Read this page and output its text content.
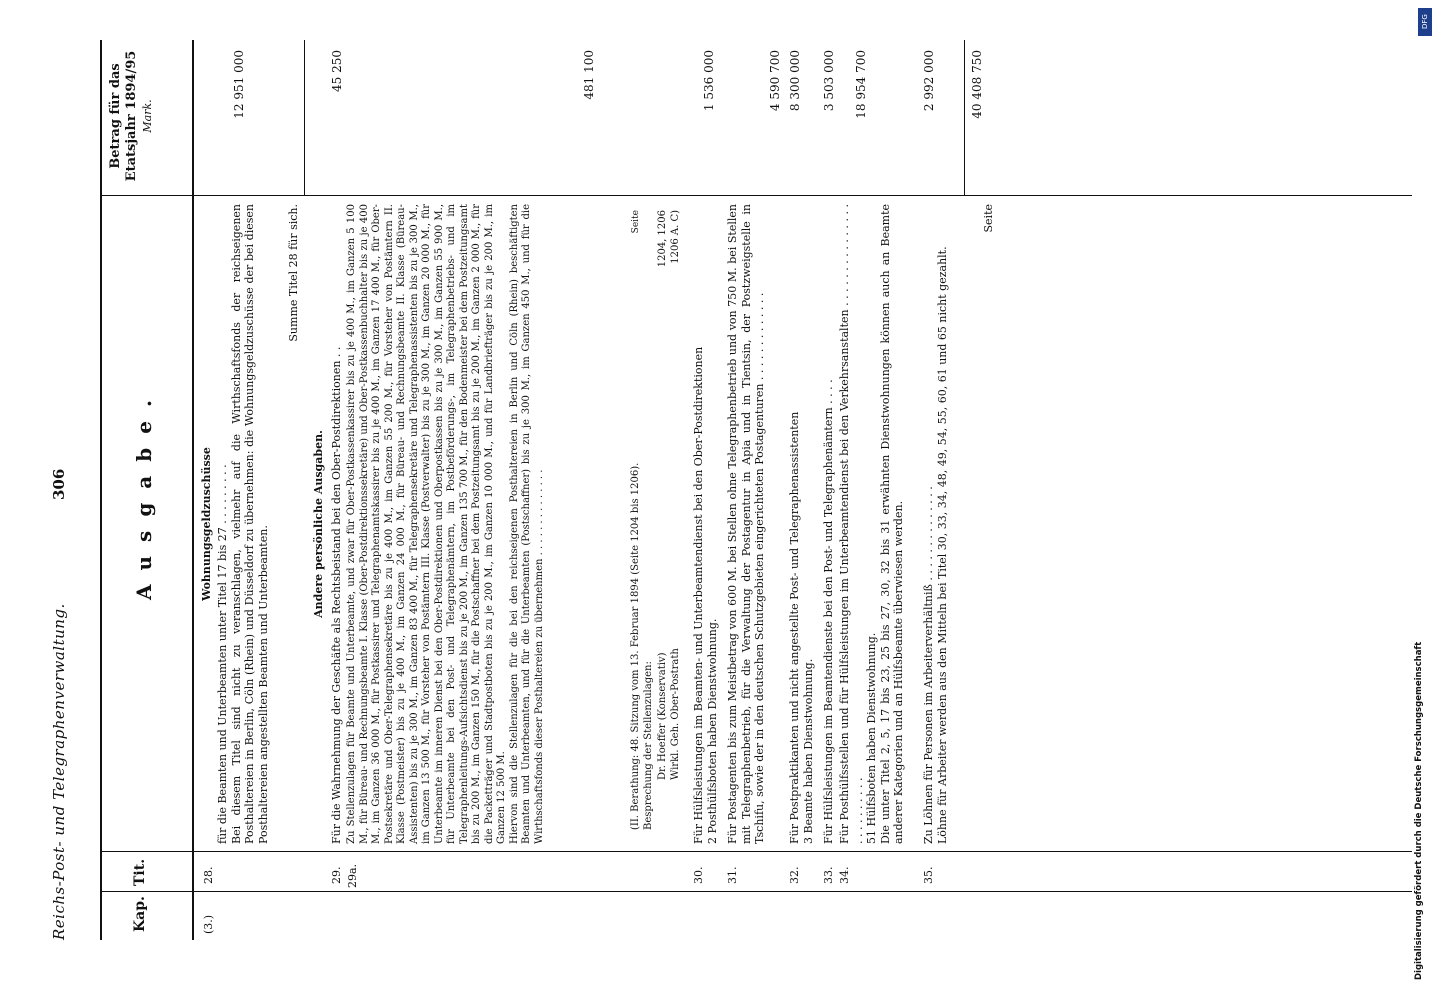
Reichs-Post- und Telegraphenverwaltung.
306
Kap.
Tit.
Ausgabe.
Betrag für das Etatsjahr 1894/95 Mark.
(3.)
28.
Wohnungsgeldzuschüsse
für die Beamten und Unterbeamten unter Titel 17 bis 27 . . . . . . . . .
Bei diesem Titel sind nicht zu veranschlagen, vielmehr auf die Wirthschaftsfonds der reichseigenen Posthaltereien in Berlin, Cöln (Rhein) und Düsseldorf zu übernehmen: die Wohnungsgeldzuschüsse der bei diesen Posthaltereien angestellten Beamten und Unterbeamten.
12 951 000
Summe Titel 28 für sich.
Andere persönliche Ausgaben.
29.
Für die Wahrnehmung der Geschäfte als Rechtsbeistand bei den Ober-Postdirektionen . .
45 250
29a.
Zu Stellenzulagen für Beamte und Unterbeamte, und zwar für Ober-Postkassenkassirer bis zu je 400 M., im Ganzen 5 100 M., für Büreau- und Rechnungsbeamte I. Klasse (Ober-Postdirektionssekretäre) und Ober-Postkassenbuchhalter bis zu je 400 M., im Ganzen 36 000 M., für Postkassirer und Telegraphenamtskassirer bis zu je 400 M., im Ganzen 17 400 M., für Ober-Postsekretäre und Ober-Telegraphensekretäre bis zu je 400 M., im Ganzen 55 200 M., für Vorsteher von Postämtern II. Klasse (Postmeister) bis zu je 400 M., im Ganzen 24 000 M., für Büreau- und Rechnungsbeamte II. Klasse (Büreau-Assistenten) bis zu je 300 M., im Ganzen 83 400 M., für Telegraphensekretäre und Telegraphenassistenten bis zu je 300 M., im Ganzen 13 500 M., für Vorsteher von Postämtern III. Klasse (Postverwalter) bis zu je 300 M., im Ganzen 20 000 M., für Unterbeamte im inneren Dienst bei den Ober-Postdirektionen und Oberpostkassen bis zu je 300 M., im Ganzen 55 900 M., für Unterbeamte bei den Post- und Telegraphenämtern, im Postbeförderungs-, im Telegraphenbetriebs- und im Telegraphenleitungs-Aufsichtsdienst bis zu je 200 M., im Ganzen 135 700 M., für den Bodenmeister bei dem Postzeitungsamt bis zu 200 M., im Ganzen 150 M., für die Postschaffner bei dem Postzeitungsamt bis zu je 200 M., im Ganzen 2 000 M., für die Packetträger und Stadtpostboten bis zu je 200 M., im Ganzen 10 000 M., und für Landbriefträger bis zu je 200 M., im Ganzen 12 500 M.
Hiervon sind die Stellenzulagen für die bei den reichseigenen Posthaltereien in Berlin und Cöln (Rhein) beschäftigten Beamten und Unterbeamten, und für die Unterbeamten (Postschaffner) bis zu je 300 M., im Ganzen 450 M., und für die Wirthschaftsfonds dieser Posthaltereien zu übernehmen . . . . . . . . . . . . . .
481 100
(II. Berathung: 48. Sitzung vom 13. Februar 1894 (Seite 1204 bis 1206).
Besprechung der Stellenzulagen:
Seite
Dr. Hoeffer (Konservativ)
1204, 1206
Wirkl. Geh. Ober-Postrath
1206 A. C)
30.
Für Hülfsleistungen im Beamten- und Unterbeamtendienst bei den Ober-Postdirektionen
2 Posthülfsboten haben Dienstwohnung.
1 536 000
31.
Für Postagenten bis zum Meistbetrag von 600 M. bei Stellen ohne Telegraphenbetrieb und von 750 M. bei Stellen mit Telegraphenbetrieb, für die Verwaltung der Postagentur in Apia und in Tientsin, der Postzweigstelle in Tschifu, sowie der in den deutschen Schutzgebieten eingerichteten Postagenturen . . . . . . . . . . . . .
4 590 700
32.
Für Postpraktikanten und nicht angestellte Post- und Telegraphenassistenten
3 Beamte haben Dienstwohnung.
8 300 000
33.
Für Hülfsleistungen im Beamtendienste bei den Post- und Telegraphenämtern . . . .
3 503 000
34.
Für Posthülfsstellen und für Hülfsleistungen im Unterbeamtendienst bei den Verkehrsanstalten . . . . . . . . . . . . . . . . . . . . . . . . .
51 Hülfsboten haben Dienstwohnung.
Die unter Titel 2, 5, 17 bis 23, 25 bis 27, 30, 32 bis 31 erwähnten Dienstwohnungen können auch an Beamte anderer Kategorien und an Hülfsbeamte überwiesen werden.
18 954 700
35.
Zu Löhnen für Personen im Arbeiterverhältniß . . . . . . . . . . . . . .
Löhne für Arbeiter werden aus den Mitteln bei Titel 30, 33, 34, 48, 49, 54, 55, 60, 61 und 65 nicht gezahlt.
2 992 000
Seite
40 408 750
DFG
Digitalisierung gefördert durch die Deutsche Forschungsgemeinschaft
